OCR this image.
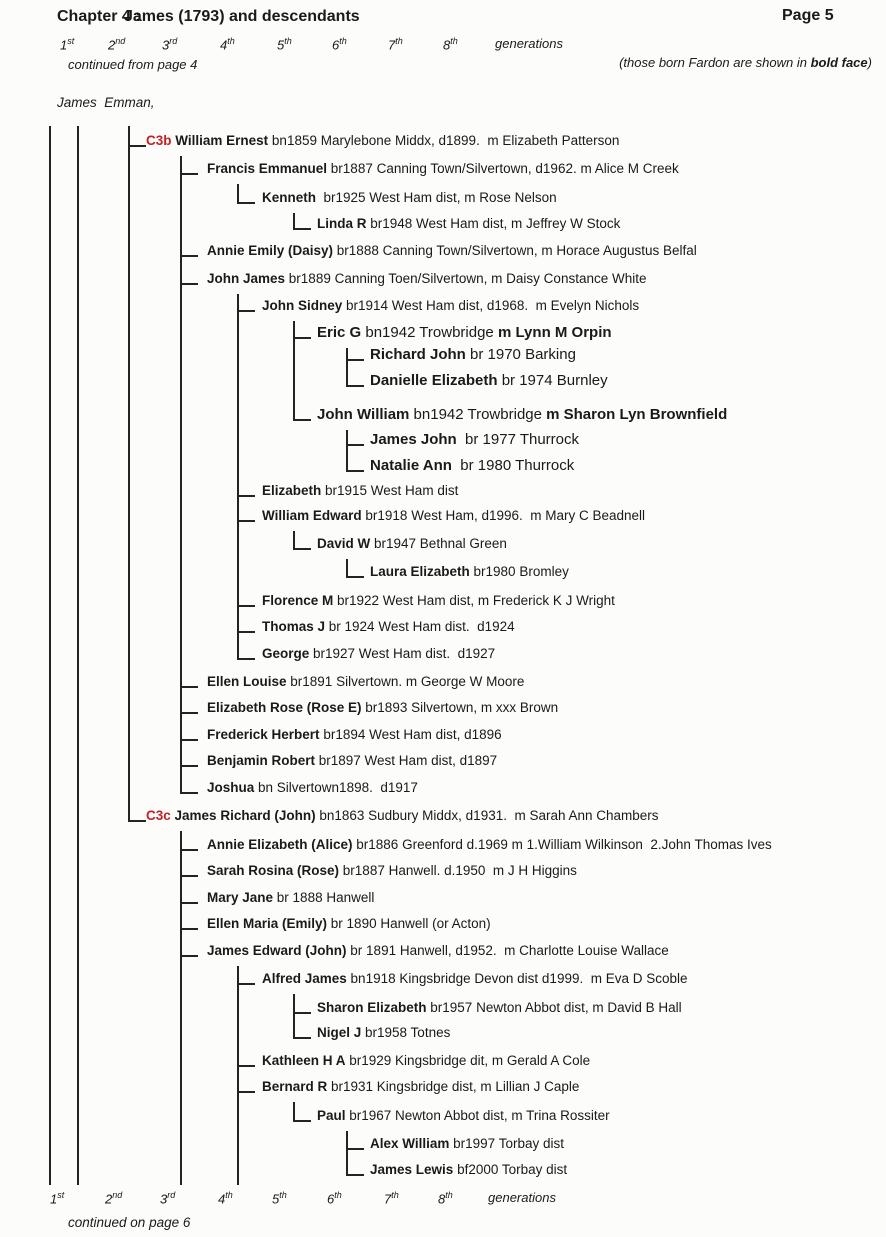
Chapter 4 :
James (1793) and descendants	Page 5
1st	2nd	3rd	4th	5th	6th	7th	8th	generations
continued from page 4	(those born Fardon are shown in bold face)
James  Emman,
C3b William Ernest bn1859 Marylebone Middx, d1899.  m Elizabeth Patterson
Francis Emmanuel br1887 Canning Town/Silvertown, d1962. m Alice M Creek
Kenneth  br1925 West Ham dist, m Rose Nelson
Linda R br1948 West Ham dist, m Jeffrey W Stock
Annie Emily (Daisy) br1888 Canning Town/Silvertown, m Horace Augustus Belfal
John James br1889 Canning Toen/Silvertown, m Daisy Constance White
John Sidney br1914 West Ham dist, d1968.  m Evelyn Nichols
Eric G bn1942 Trowbridge m Lynn M Orpin
Richard John br 1970 Barking
Danielle Elizabeth br 1974 Burnley
John William bn1942 Trowbridge m Sharon Lyn Brownfield
James John  br 1977 Thurrock
Natalie Ann  br 1980 Thurrock
Elizabeth br1915 West Ham dist
William Edward br1918 West Ham, d1996.  m Mary C Beadnell
David W br1947 Bethnal Green
Laura Elizabeth br1980 Bromley
Florence M br1922 West Ham dist, m Frederick K J Wright
Thomas J br 1924 West Ham dist.  d1924
George br1927 West Ham dist.  d1927
Ellen Louise br1891 Silvertown. m George W Moore
Elizabeth Rose (Rose E) br1893 Silvertown, m xxx Brown
Frederick Herbert br1894 West Ham dist, d1896
Benjamin Robert br1897 West Ham dist, d1897
Joshua bn Silvertown1898.  d1917
C3c James Richard (John) bn1863 Sudbury Middx, d1931.  m Sarah Ann Chambers
Annie Elizabeth (Alice) br1886 Greenford d.1969 m 1.William Wilkinson  2.John Thomas Ives
Sarah Rosina (Rose) br1887 Hanwell. d.1950  m J H Higgins
Mary Jane br 1888 Hanwell
Ellen Maria (Emily) br 1890 Hanwell (or Acton)
James Edward (John) br 1891 Hanwell, d1952.  m Charlotte Louise Wallace
Alfred James bn1918 Kingsbridge Devon dist d1999.  m Eva D Scoble
Sharon Elizabeth br1957 Newton Abbot dist, m David B Hall
Nigel J br1958 Totnes
Kathleen H A br1929 Kingsbridge dit, m Gerald A Cole
Bernard R br1931 Kingsbridge dist, m Lillian J Caple
Paul br1967 Newton Abbot dist, m Trina Rossiter
Alex William br1997 Torbay dist
James Lewis bf2000 Torbay dist
1st	2nd	3rd	4th	5th	6th	7th	8th	generations
continued on page 6
